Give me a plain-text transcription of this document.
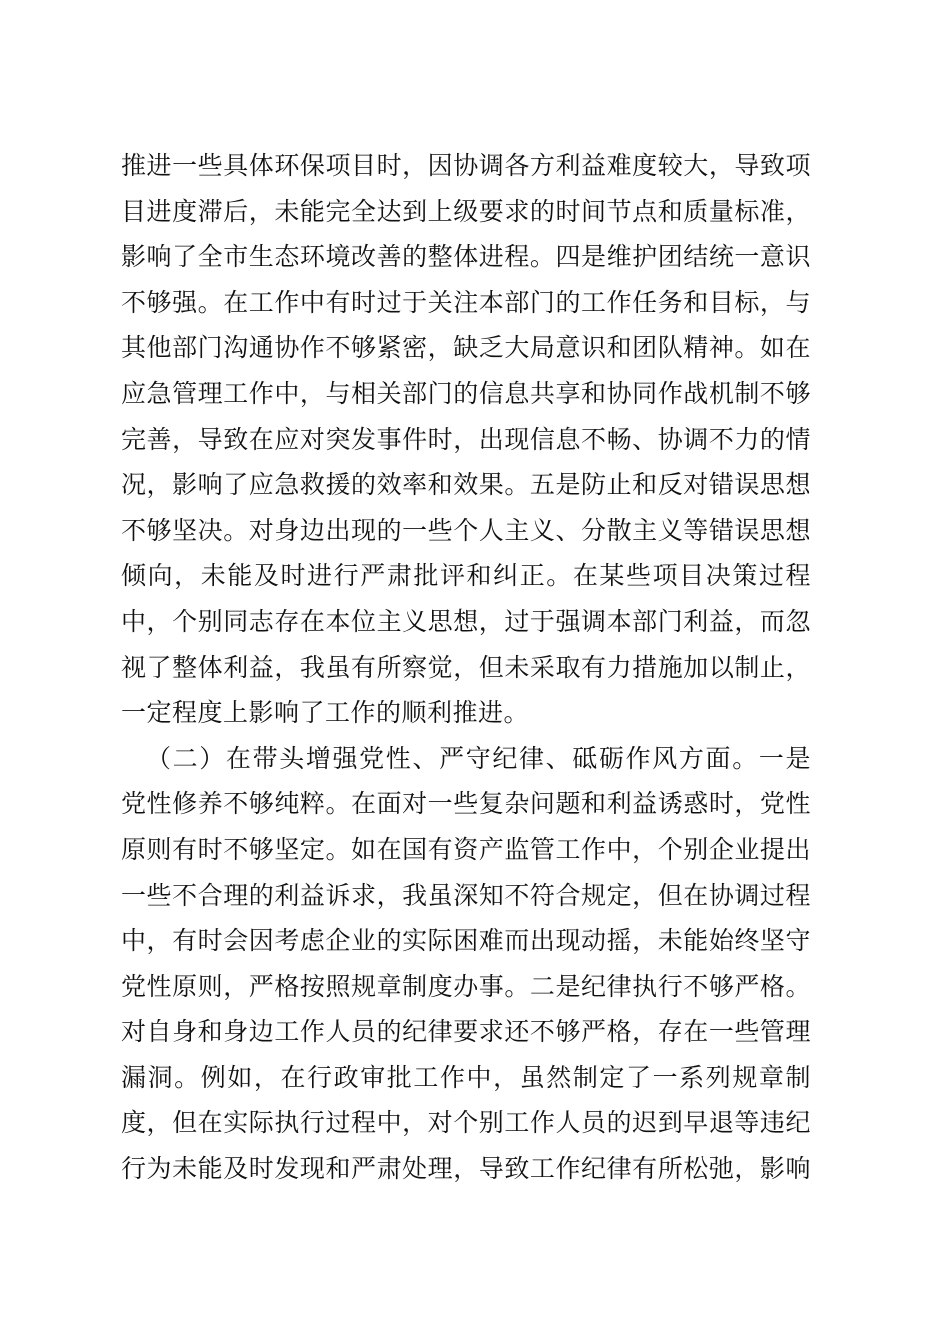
推进一些具体环保项目时，因协调各方利益难度较大，导致项
目进度滞后，未能完全达到上级要求的时间节点和质量标准，
影响了全市生态环境改善的整体进程。四是维护团结统一意识
不够强。在工作中有时过于关注本部门的工作任务和目标，与
其他部门沟通协作不够紧密，缺乏大局意识和团队精神。如在
应急管理工作中，与相关部门的信息共享和协同作战机制不够
完善，导致在应对突发事件时，出现信息不畅、协调不力的情
况，影响了应急救援的效率和效果。五是防止和反对错误思想
不够坚决。对身边出现的一些个人主义、分散主义等错误思想
倾向，未能及时进行严肃批评和纠正。在某些项目决策过程
中，个别同志存在本位主义思想，过于强调本部门利益，而忽
视了整体利益，我虽有所察觉，但未采取有力措施加以制止，
一定程度上影响了工作的顺利推进。
（二）在带头增强党性、严守纪律、砥砺作风方面。一是
党性修养不够纯粹。在面对一些复杂问题和利益诱惑时，党性
原则有时不够坚定。如在国有资产监管工作中，个别企业提出
一些不合理的利益诉求，我虽深知不符合规定，但在协调过程
中，有时会因考虑企业的实际困难而出现动摇，未能始终坚守
党性原则，严格按照规章制度办事。二是纪律执行不够严格。
对自身和身边工作人员的纪律要求还不够严格，存在一些管理
漏洞。例如，在行政审批工作中，虽然制定了一系列规章制
度，但在实际执行过程中，对个别工作人员的迟到早退等违纪
行为未能及时发现和严肃处理，导致工作纪律有所松弛，影响
